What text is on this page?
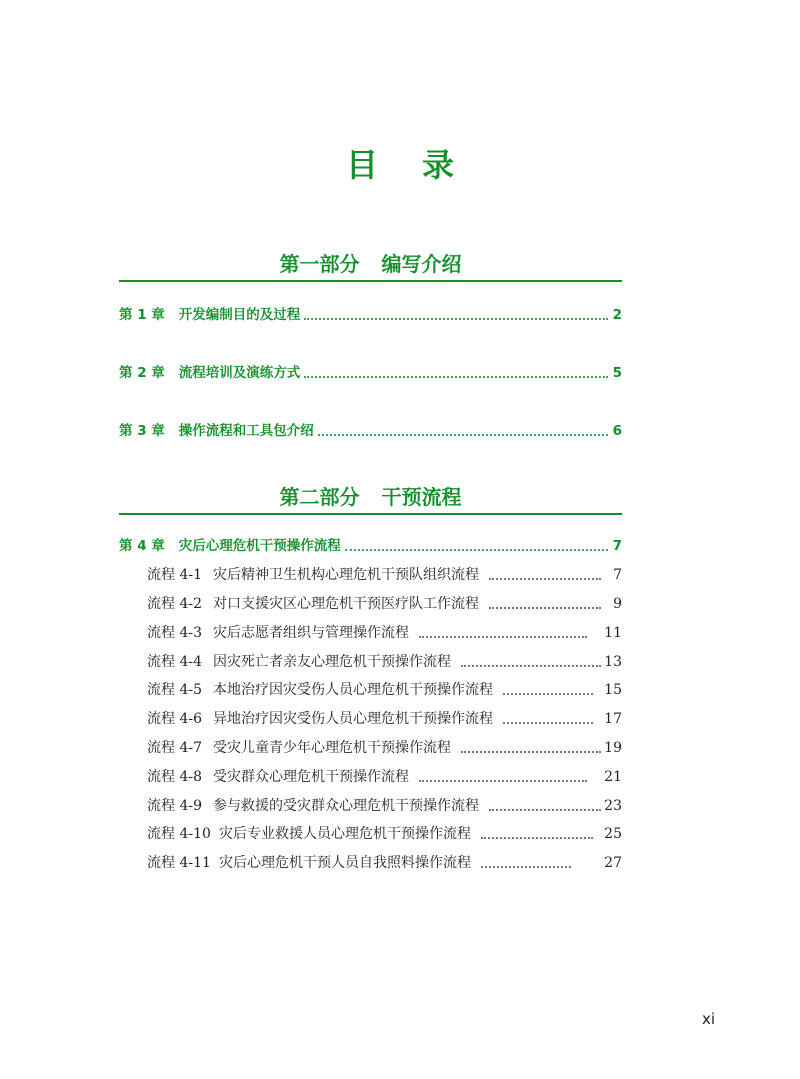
目录
第一部分 编写介绍
第 1 章 开发编制目的及过程	2
第 2 章 流程培训及演练方式	5
第 3 章 操作流程和工具包介绍	6
第二部分 干预流程
第 4 章 灾后心理危机干预操作流程	7
流程 4-1 灾后精神卫生机构心理危机干预队组织流程	7
流程 4-2 对口支援灾区心理危机干预医疗队工作流程	9
流程 4-3 灾后志愿者组织与管理操作流程	11
流程 4-4 因灾死亡者亲友心理危机干预操作流程	13
流程 4-5 本地治疗因灾受伤人员心理危机干预操作流程	15
流程 4-6 异地治疗因灾受伤人员心理危机干预操作流程	17
流程 4-7 受灾儿童青少年心理危机干预操作流程	19
流程 4-8 受灾群众心理危机干预操作流程	21
流程 4-9 参与救援的受灾群众心理危机干预操作流程	23
流程 4-10 灾后专业救援人员心理危机干预操作流程	25
流程 4-11 灾后心理危机干预人员自我照料操作流程	27
xi
